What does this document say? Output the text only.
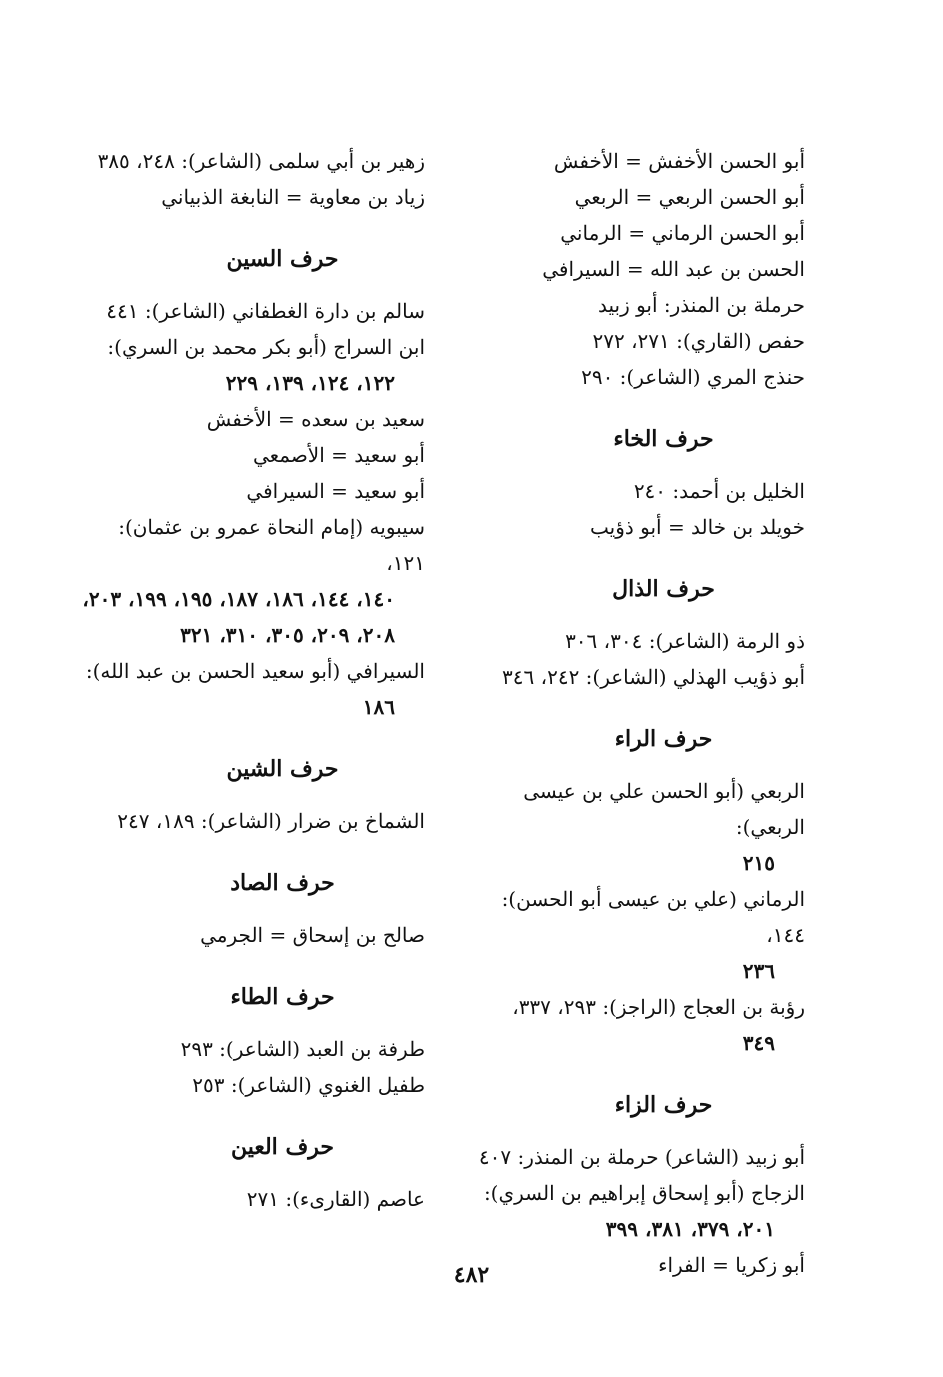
أبو الحسن الأخفش = الأخفش

أبو الحسن الربعي = الربعي

أبو الحسن الرماني = الرماني

الحسن بن عبد الله = السيرافي

حرملة بن المنذر: أبو زبيد

حفص (القاري): ٢٧١، ٢٧٢

حنذج المري (الشاعر): ٢٩٠

حرف الخاء

الخليل بن أحمد: ٢٤٠

خويلد بن خالد = أبو ذؤيب

حرف الذال

ذو الرمة (الشاعر): ٣٠٤، ٣٠٦

أبو ذؤيب الهذلي (الشاعر): ٢٤٢، ٣٤٦

حرف الراء

الربعي (أبو الحسن علي بن عيسى الربعي):
٢١٥

الرماني (علي بن عيسى أبو الحسن): ١٤٤،
٢٣٦

رؤبة بن العجاج (الراجز): ٢٩٣، ٣٣٧،
٣٤٩

حرف الزاء

أبو زبيد (الشاعر) حرملة بن المنذر: ٤٠٧

الزجاج (أبو إسحاق إبراهيم بن السري):
٢٠١، ٣٧٩، ٣٨١، ٣٩٩

أبو زكريا = الفراء

زهير بن أبي سلمى (الشاعر): ٢٤٨، ٣٨٥

زياد بن معاوية = النابغة الذبياني

حرف السين

سالم بن دارة الغطفاني (الشاعر): ٤٤١

ابن السراج (أبو بكر محمد بن السري):
١٢٢، ١٢٤، ١٣٩، ٢٢٩

سعيد بن سعده = الأخفش

أبو سعيد = الأصمعي

أبو سعيد = السيرافي

سيبويه (إمام النحاة عمرو بن عثمان): ١٢١،
١٤٠، ١٤٤، ١٨٦، ١٨٧، ١٩٥، ١٩٩، ٢٠٣، ٢٠٨، ٢٠٩، ٣٠٥، ٣١٠، ٣٢١

السيرافي (أبو سعيد الحسن بن عبد الله):
١٨٦

حرف الشين

الشماخ بن ضرار (الشاعر): ١٨٩، ٢٤٧

حرف الصاد

صالح بن إسحاق = الجرمي

حرف الطاء

طرفة بن العبد (الشاعر): ٢٩٣

طفيل الغنوي (الشاعر): ٢٥٣

حرف العين

عاصم (القارىء): ٢٧١

٤٨٢
